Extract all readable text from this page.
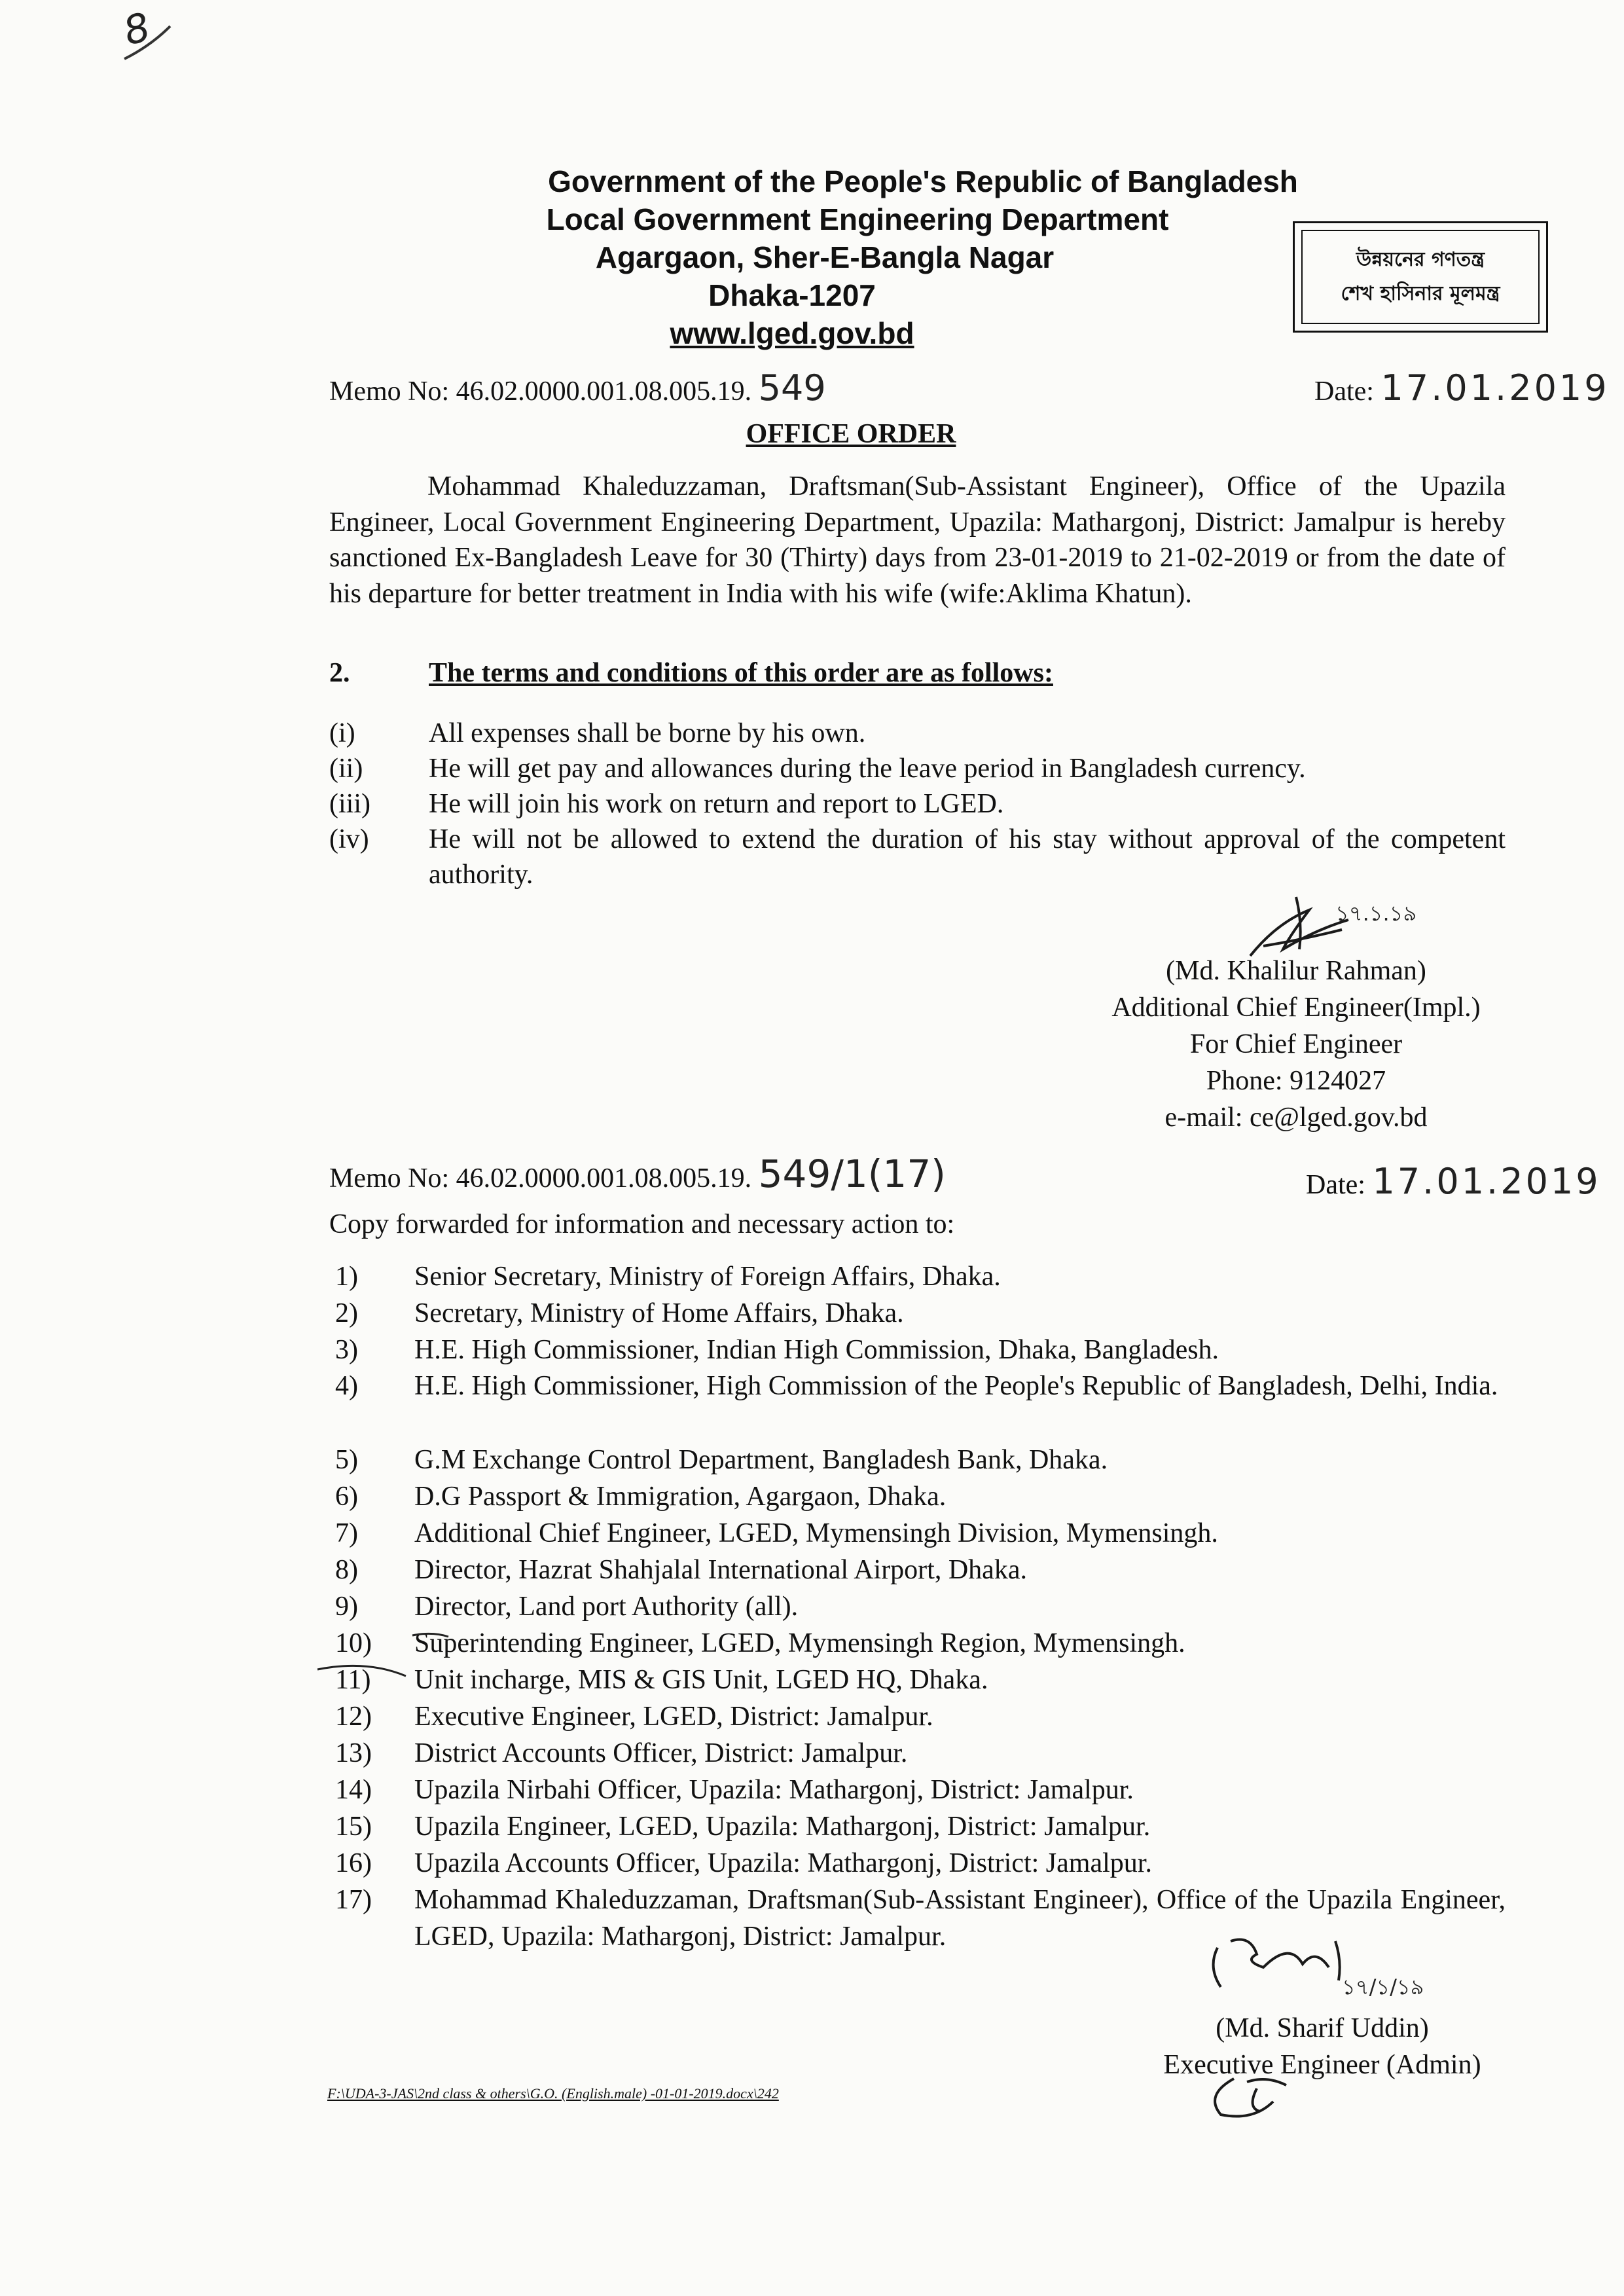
8
Government of the People's Republic of Bangladesh
Local Government Engineering Department
Agargaon, Sher-E-Bangla Nagar
Dhaka-1207
www.lged.gov.bd
উন্নয়নের গণতন্ত্র
শেখ হাসিনার মূলমন্ত্র
Memo No: 46.02.0000.001.08.005.19. 549	Date: 17.01.2019
OFFICE ORDER

Mohammad Khaleduzzaman, Draftsman(Sub-Assistant Engineer), Office of the Upazila Engineer, Local Government Engineering Department, Upazila: Mathargonj, District: Jamalpur is hereby sanctioned Ex-Bangladesh Leave for 30 (Thirty) days from 23-01-2019 to 21-02-2019 or from the date of his departure for better treatment in India with his wife (wife:Aklima Khatun).

2.	The terms and conditions of this order are as follows:
(i)	All expenses shall be borne by his own.
(ii) He will get pay and allowances during the leave period in Bangladesh currency.
(iii) He will join his work on return and report to LGED.
(iv) He will not be allowed to extend the duration of his stay without approval of the competent authority.
১৭.১.১৯
(Md. Khalilur Rahman)
Additional Chief Engineer(Impl.)
For Chief Engineer
Phone: 9124027
e-mail: ce@lged.gov.bd
Memo No: 46.02.0000.001.08.005.19. 549/1(17)	Date: 17.01.2019
Copy forwarded for information and necessary action to:
1)	Senior Secretary, Ministry of Foreign Affairs, Dhaka.
2)	Secretary, Ministry of Home Affairs, Dhaka.
3)	H.E. High Commissioner, Indian High Commission, Dhaka, Bangladesh.
4)	H.E. High Commissioner, High Commission of the People's Republic of Bangladesh, Delhi, India.
5)	G.M Exchange Control Department, Bangladesh Bank, Dhaka.
6)	D.G Passport & Immigration, Agargaon, Dhaka.
7)	Additional Chief Engineer, LGED, Mymensingh Division, Mymensingh.
8)	Director, Hazrat Shahjalal International Airport, Dhaka.
9)	Director, Land port Authority (all).
10)	Superintending Engineer, LGED, Mymensingh Region, Mymensingh.
11)	Unit incharge, MIS & GIS Unit, LGED HQ, Dhaka.
12)	Executive Engineer, LGED, District: Jamalpur.
13)	District Accounts Officer, District: Jamalpur.
14)	Upazila Nirbahi Officer, Upazila: Mathargonj, District: Jamalpur.
15)	Upazila Engineer, LGED, Upazila: Mathargonj, District: Jamalpur.
16)	Upazila Accounts Officer, Upazila: Mathargonj, District: Jamalpur.
17)	Mohammad Khaleduzzaman, Draftsman(Sub-Assistant Engineer), Office of the Upazila Engineer, LGED, Upazila: Mathargonj, District: Jamalpur.
১৭/১/১৯
(Md. Sharif Uddin)
Executive Engineer (Admin)
F:\UDA-3-JAS\2nd class & others\G.O. (English.male) -01-01-2019.docx\242
